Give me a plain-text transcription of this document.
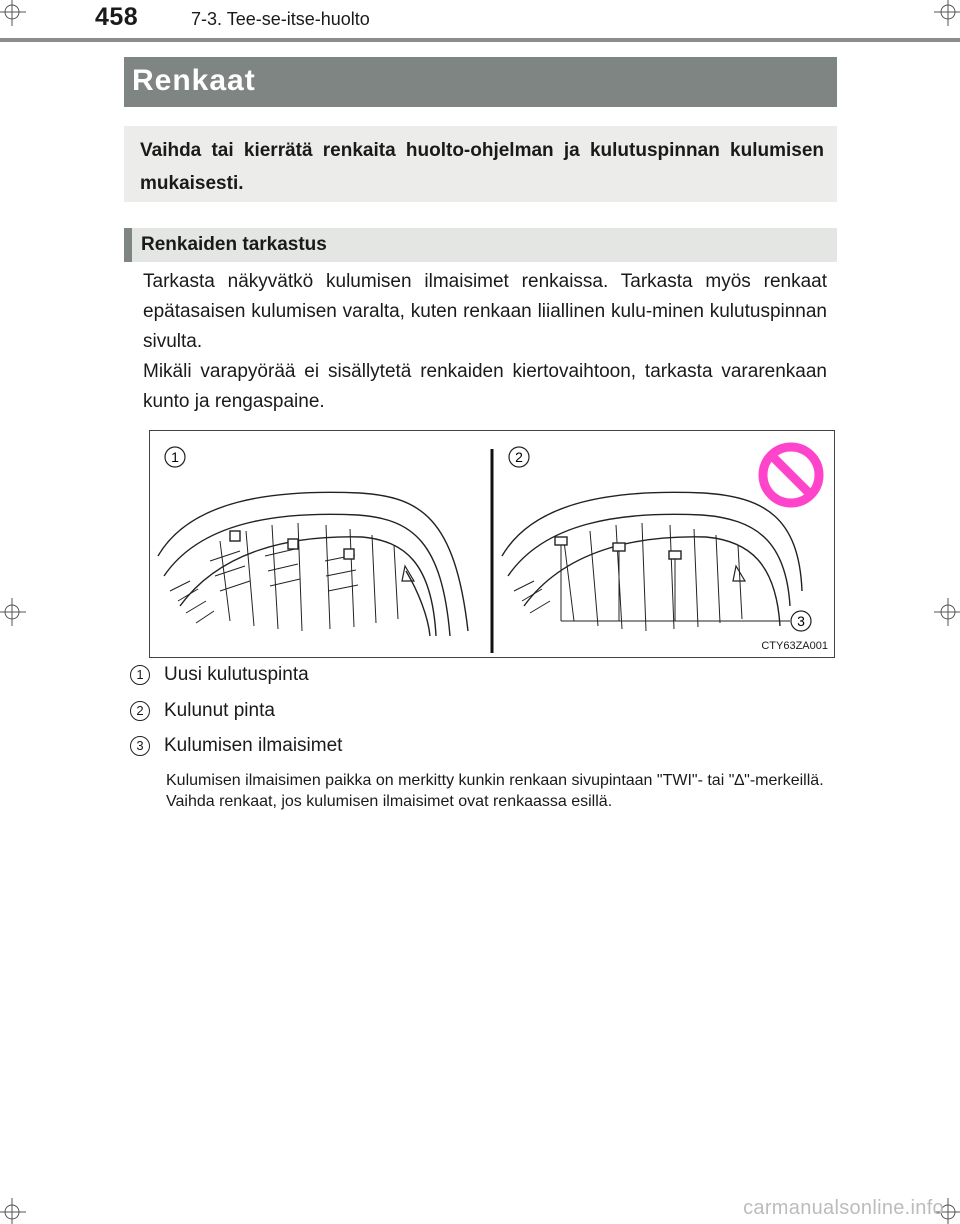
458	7-3. Tee-se-itse-huolto
Renkaat
Vaihda tai kierrätä renkaita huolto-ohjelman ja kulutuspinnan kulumisen mukaisesti.
Renkaiden tarkastus

Tarkasta näkyvätkö kulumisen ilmaisimet renkaissa. Tarkasta myös renkaat epätasaisen kulumisen varalta, kuten renkaan liiallinen kulu-minen kulutuspinnan sivulta.

Mikäli varapyörää ei sisällytetä renkaiden kiertovaihtoon, tarkasta vararenkaan kunto ja rengaspaine.

1	2
3
CTY63ZA001
1 Uusi kulutuspinta
2 Kulunut pinta
3 Kulumisen ilmaisimet

Kulumisen ilmaisimen paikka on merkitty kunkin renkaan sivupintaan "TWI"- tai "∆"-merkeillä.

Vaihda renkaat, jos kulumisen ilmaisimet ovat renkaassa esillä.

carmanualsonline.info
